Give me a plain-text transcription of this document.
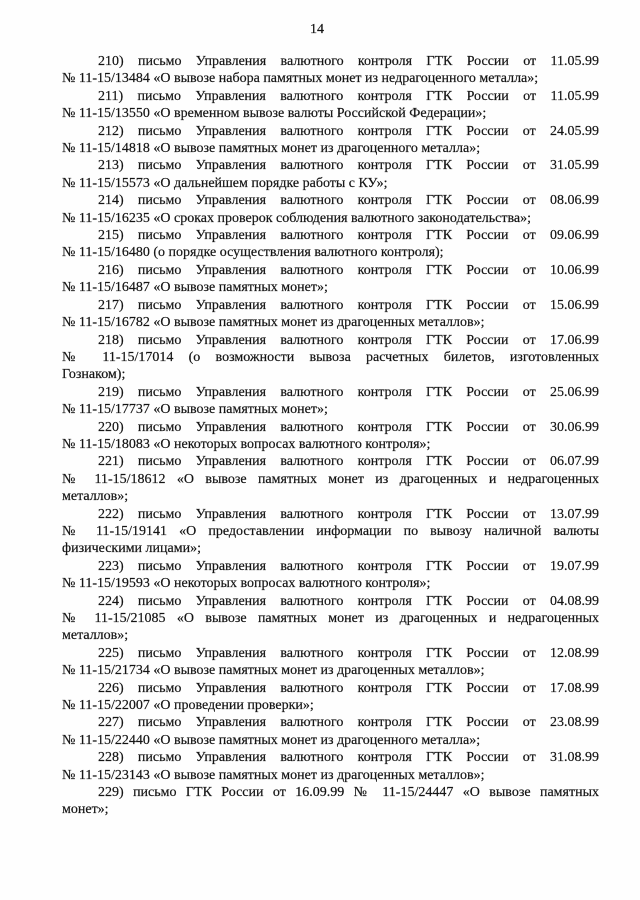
14
210) письмо Управления валютного контроля ГТК России от 11.05.99
№ 11-15/13484 «О вывозе набора памятных монет из недрагоценного металла»;
211) письмо Управления валютного контроля ГТК России от 11.05.99
№ 11-15/13550 «О временном вывозе валюты Российской Федерации»;
212) письмо Управления валютного контроля ГТК России от 24.05.99
№ 11-15/14818 «О вывозе памятных монет из драгоценного металла»;
213) письмо Управления валютного контроля ГТК России от 31.05.99
№ 11-15/15573 «О дальнейшем порядке работы с КУ»;
214) письмо Управления валютного контроля ГТК России от 08.06.99
№ 11-15/16235 «О сроках проверок соблюдения валютного законодательства»;
215) письмо Управления валютного контроля ГТК России от 09.06.99
№ 11-15/16480 (о порядке осуществления валютного контроля);
216) письмо Управления валютного контроля ГТК России от 10.06.99
№ 11-15/16487 «О вывозе памятных монет»;
217) письмо Управления валютного контроля ГТК России от 15.06.99
№ 11-15/16782 «О вывозе памятных монет из драгоценных металлов»;
218) письмо Управления валютного контроля ГТК России от 17.06.99
№ 11-15/17014 (о возможности вывоза расчетных билетов, изготовленных
Гознаком);
219) письмо Управления валютного контроля ГТК России от 25.06.99
№ 11-15/17737 «О вывозе памятных монет»;
220) письмо Управления валютного контроля ГТК России от 30.06.99
№ 11-15/18083 «О некоторых вопросах валютного контроля»;
221) письмо Управления валютного контроля ГТК России от 06.07.99
№ 11-15/18612 «О вывозе памятных монет из драгоценных и недрагоценных
металлов»;
222) письмо Управления валютного контроля ГТК России от 13.07.99
№ 11-15/19141 «О предоставлении информации по вывозу наличной валюты
физическими лицами»;
223) письмо Управления валютного контроля ГТК России от 19.07.99
№ 11-15/19593 «О некоторых вопросах валютного контроля»;
224) письмо Управления валютного контроля ГТК России от 04.08.99
№ 11-15/21085 «О вывозе памятных монет из драгоценных и недрагоценных
металлов»;
225) письмо Управления валютного контроля ГТК России от 12.08.99
№ 11-15/21734 «О вывозе памятных монет из драгоценных металлов»;
226) письмо Управления валютного контроля ГТК России от 17.08.99
№ 11-15/22007 «О проведении проверки»;
227) письмо Управления валютного контроля ГТК России от 23.08.99
№ 11-15/22440 «О вывозе памятных монет из драгоценного металла»;
228) письмо Управления валютного контроля ГТК России от 31.08.99
№ 11-15/23143 «О вывозе памятных монет из драгоценных металлов»;
229) письмо ГТК России от 16.09.99 № 11-15/24447 «О вывозе памятных
монет»;
